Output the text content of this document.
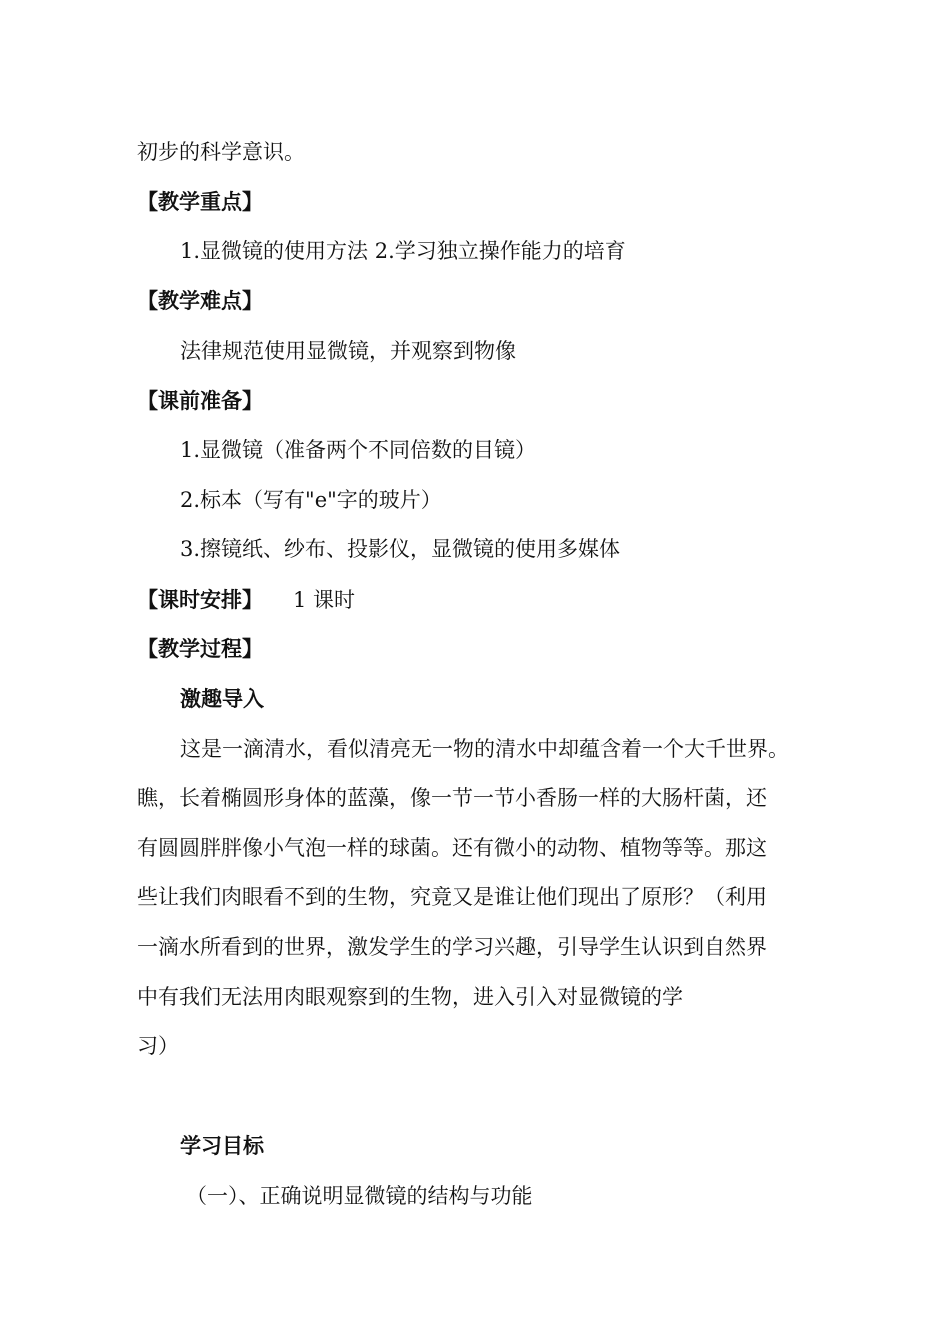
初步的科学意识。
【教学重点】
1.显微镜的使用方法 2.学习独立操作能力的培育
【教学难点】
法律规范使用显微镜，并观察到物像
【课前准备】
1.显微镜（准备两个不同倍数的目镜）
2.标本（写有"e"字的玻片）
3.擦镜纸、纱布、投影仪，显微镜的使用多媒体
【课时安排】 1 课时
【教学过程】
激趣导入
这是一滴清水，看似清亮无一物的清水中却蕴含着一个大千世界。
瞧，长着椭圆形身体的蓝藻，像一节一节小香肠一样的大肠杆菌，还
有圆圆胖胖像小气泡一样的球菌。还有微小的动物、植物等等。那这
些让我们肉眼看不到的生物，究竟又是谁让他们现出了原形？（利用
一滴水所看到的世界，激发学生的学习兴趣，引导学生认识到自然界
中有我们无法用肉眼观察到的生物，进入引入对显微镜的学
习）
学习目标
（一）、正确说明显微镜的结构与功能
